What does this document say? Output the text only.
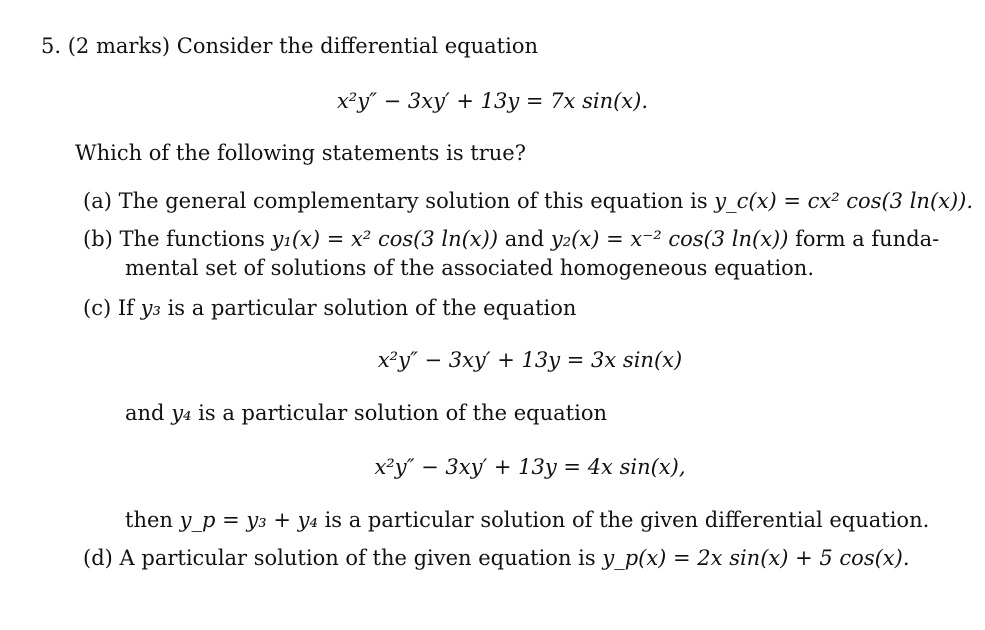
5. (2 marks) Consider the differential equation
x²y″ − 3xy′ + 13y = 7x sin(x).
Which of the following statements is true?
(a) The general complementary solution of this equation is y_c(x) = cx² cos(3 ln(x)).
(b) The functions y₁(x) = x² cos(3 ln(x)) and y₂(x) = x⁻² cos(3 ln(x)) form a funda-
mental set of solutions of the associated homogeneous equation.
(c) If y₃ is a particular solution of the equation
x²y″ − 3xy′ + 13y = 3x sin(x)
and y₄ is a particular solution of the equation
x²y″ − 3xy′ + 13y = 4x sin(x),
then y_p = y₃ + y₄ is a particular solution of the given differential equation.
(d) A particular solution of the given equation is y_p(x) = 2x sin(x) + 5 cos(x).
